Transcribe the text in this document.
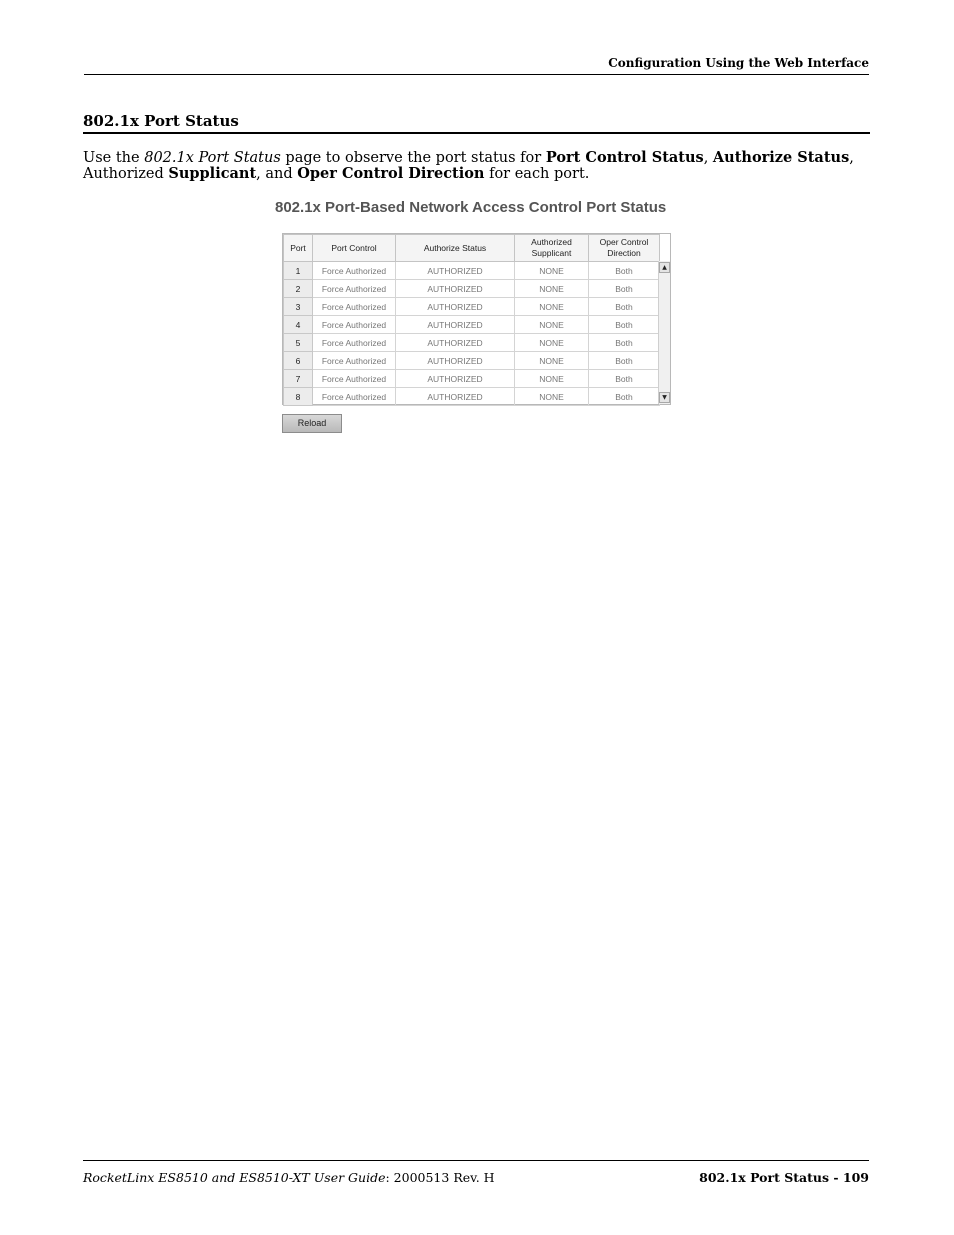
Configuration Using the Web Interface
802.1x Port Status

Use the 802.1x Port Status page to observe the port status for Port Control Status, Authorize Status, Authorized Supplicant, and Oper Control Direction for each port.

802.1x Port-Based Network Access Control Port Status
Port	Port Control	Authorize Status	Authorized Supplicant	Oper Control Direction
1	Force Authorized	AUTHORIZED	NONE	Both
2	Force Authorized	AUTHORIZED	NONE	Both
3	Force Authorized	AUTHORIZED	NONE	Both
4	Force Authorized	AUTHORIZED	NONE	Both
5	Force Authorized	AUTHORIZED	NONE	Both
6	Force Authorized	AUTHORIZED	NONE	Both
7	Force Authorized	AUTHORIZED	NONE	Both
8	Force Authorized	AUTHORIZED	NONE	Both
▲
▼
Reload
RocketLinx ES8510 and ES8510-XT User Guide: 2000513 Rev. H	802.1x Port Status - 109
